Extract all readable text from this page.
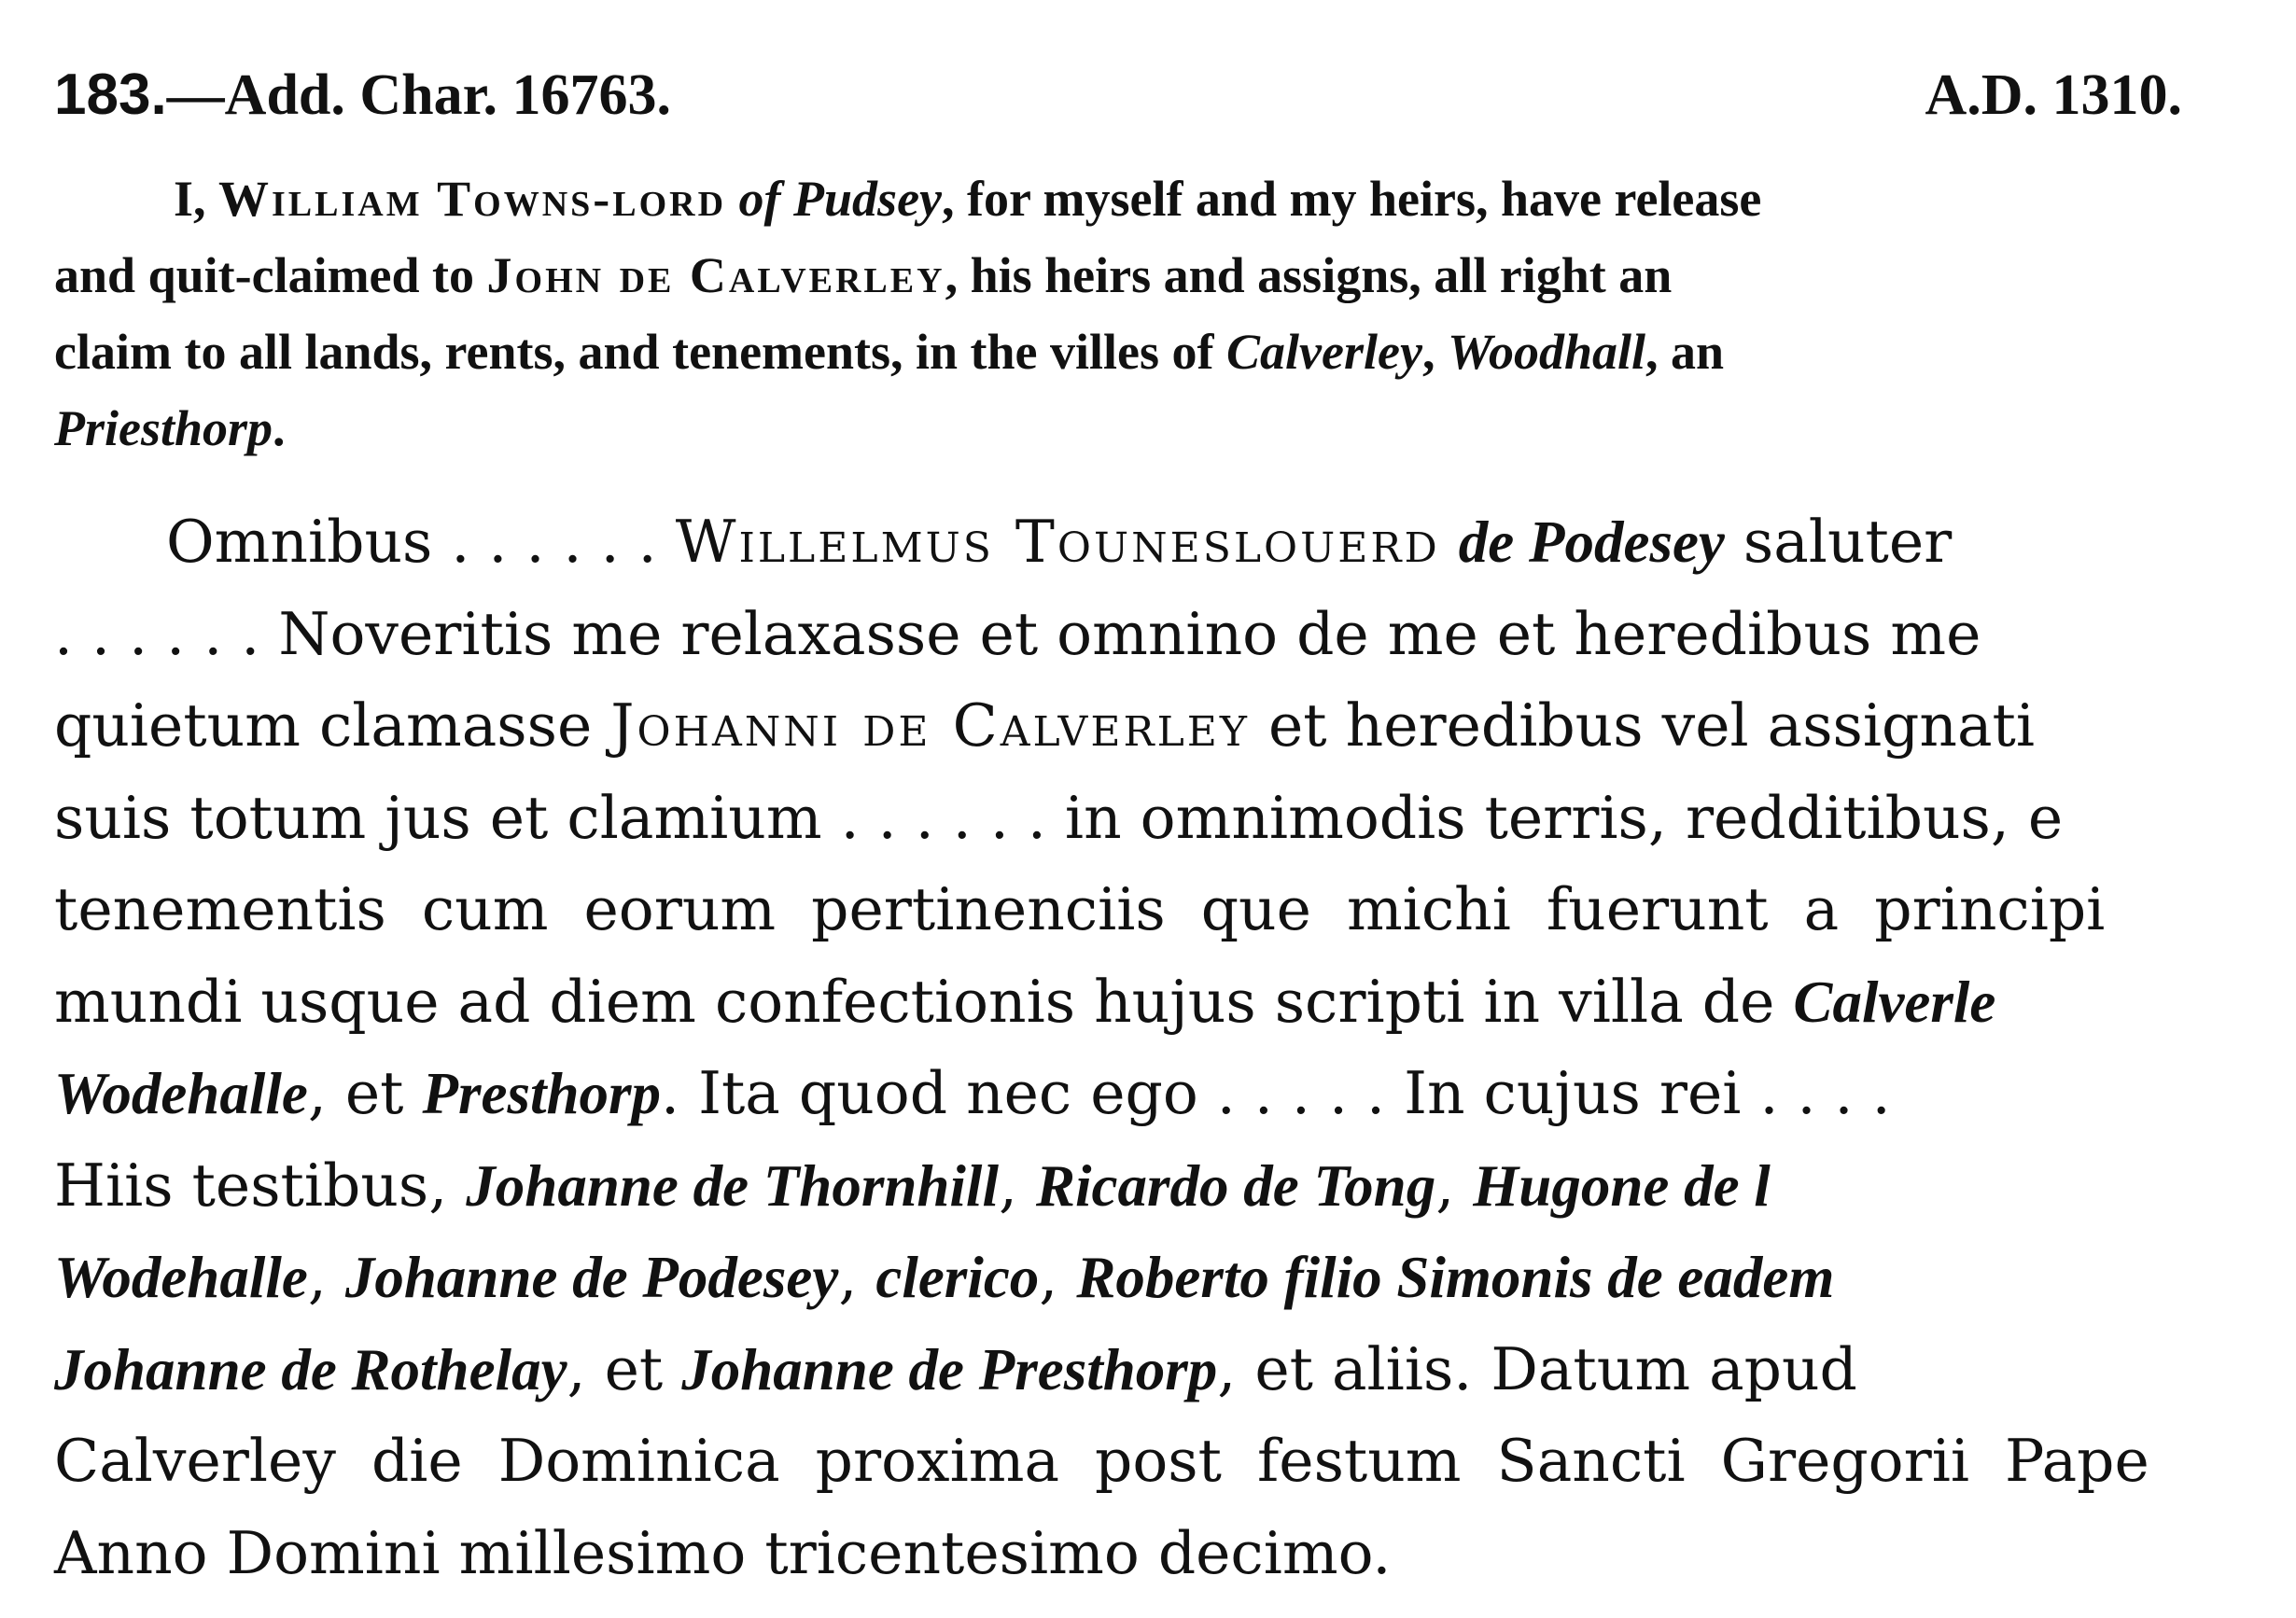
183.—Add. Char. 16763.	A.D. 1310.
I, William Towns-lord of Pudsey, for myself and my heirs, have release
and quit-claimed to John de Calverley, his heirs and assigns, all right an
claim to all lands, rents, and tenements, in the villes of Calverley, Woodhall, an
Priesthorp.
Omnibus . . . . . . Willelmus Touneslouerd de Podesey saluter
. . . . . . Noveritis me relaxasse et omnino de me et heredibus me
quietum clamasse Johanni de Calverley et heredibus vel assignati
suis totum jus et clamium . . . . . . in omnimodis terris, redditibus, e
tenementis cum eorum pertinenciis que michi fuerunt a principi
mundi usque ad diem confectionis hujus scripti in villa de Calverle
Wodehalle, et Presthorp. Ita quod nec ego . . . . . In cujus rei . . . .
Hiis testibus, Johanne de Thornhill, Ricardo de Tong, Hugone de l
Wodehalle, Johanne de Podesey, clerico, Roberto filio Simonis de eadem
Johanne de Rothelay, et Johanne de Presthorp, et aliis. Datum apud
Calverley die Dominica proxima post festum Sancti Gregorii Pape
Anno Domini millesimo tricentesimo decimo.
